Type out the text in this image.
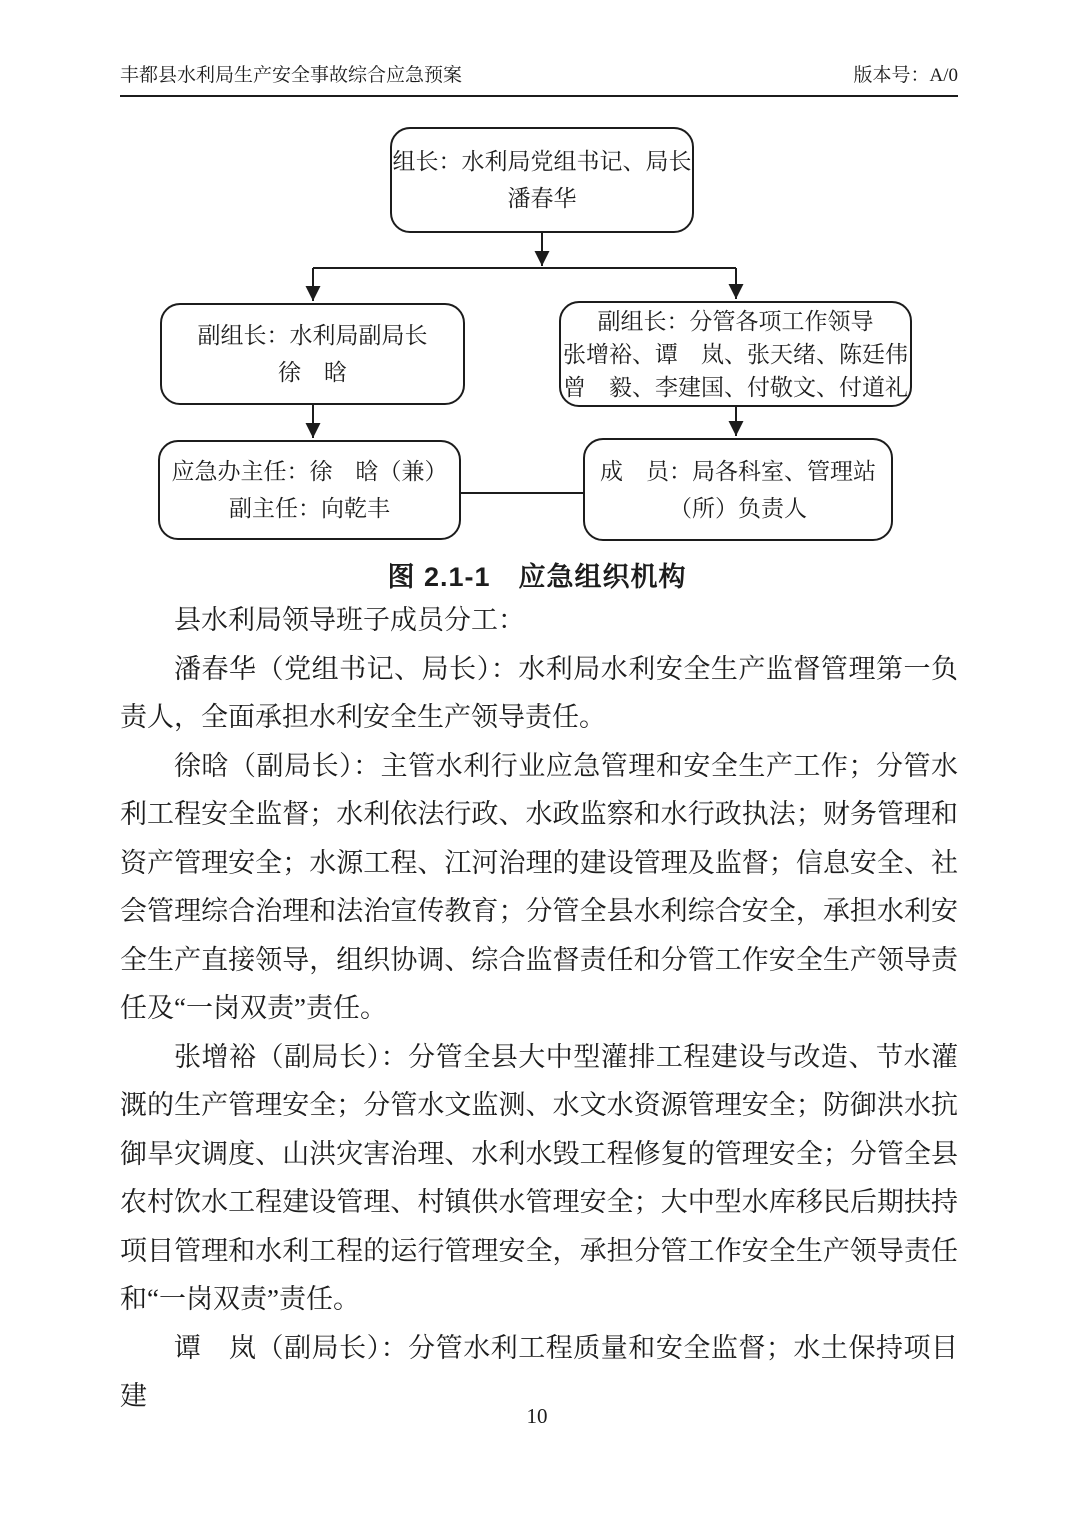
丰都县水利局生产安全事故综合应急预案	版本号：A/0
组长：水利局党组书记、局长
潘春华
副组长：水利局副局长
徐　晗
副组长：分管各项工作领导
张增裕、谭　岚、张天绪、陈廷伟
曾　毅、李建国、付敬文、付道礼
应急办主任：徐　晗（兼）
副主任：向乾丰
成　员：局各科室、管理站
（所）负责人
图 2.1-1　应急组织机构

县水利局领导班子成员分工：

潘春华（党组书记、局长）：水利局水利安全生产监督管理第一负责人，全面承担水利安全生产领导责任。

徐晗（副局长）：主管水利行业应急管理和安全生产工作；分管水利工程安全监督；水利依法行政、水政监察和水行政执法；财务管理和资产管理安全；水源工程、江河治理的建设管理及监督；信息安全、社会管理综合治理和法治宣传教育；分管全县水利综合安全，承担水利安全生产直接领导，组织协调、综合监督责任和分管工作安全生产领导责任及“一岗双责”责任。

张增裕（副局长）：分管全县大中型灌排工程建设与改造、节水灌溉的生产管理安全；分管水文监测、水文水资源管理安全；防御洪水抗御旱灾调度、山洪灾害治理、水利水毁工程修复的管理安全；分管全县农村饮水工程建设管理、村镇供水管理安全；大中型水库移民后期扶持项目管理和水利工程的运行管理安全，承担分管工作安全生产领导责任和“一岗双责”责任。

谭　岚（副局长）：分管水利工程质量和安全监督；水土保持项目建

10
